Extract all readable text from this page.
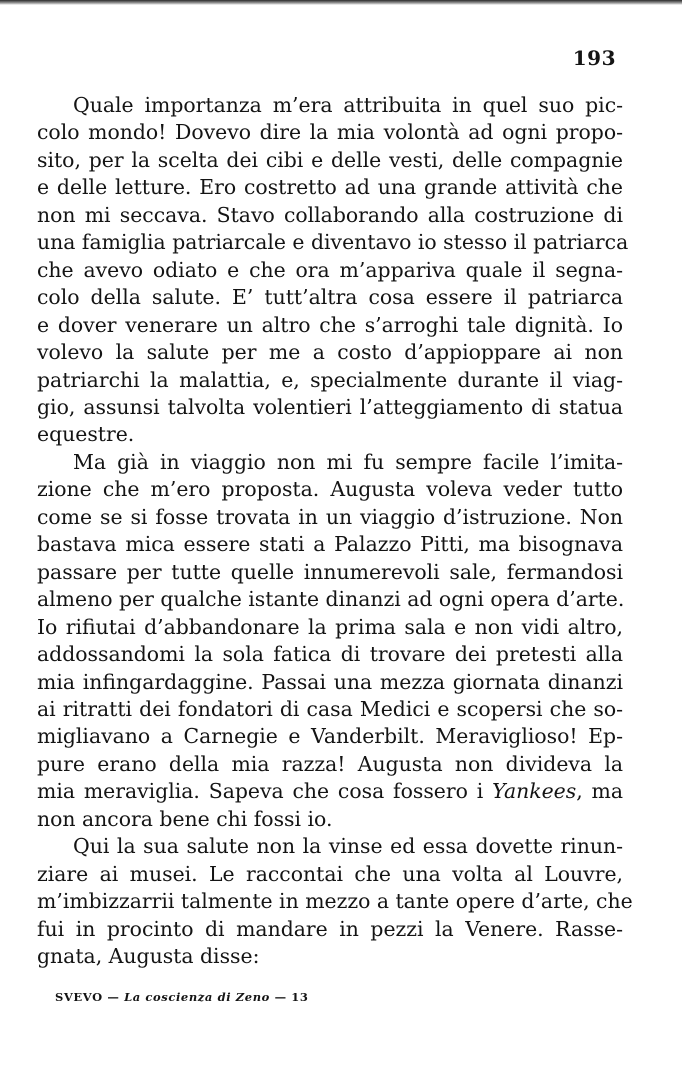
193
Quale importanza m’era attribuita in quel suo pic-
colo mondo! Dovevo dire la mia volontà ad ogni propo-
sito, per la scelta dei cibi e delle vesti, delle compagnie
e delle letture. Ero costretto ad una grande attività che
non mi seccava. Stavo collaborando alla costruzione di
una famiglia patriarcale e diventavo io stesso il patriarca
che avevo odiato e che ora m’appariva quale il segna-
colo della salute. E’ tutt’altra cosa essere il patriarca
e dover venerare un altro che s’arroghi tale dignità. Io
volevo la salute per me a costo d’appioppare ai non
patriarchi la malattia, e, specialmente durante il viag-
gio, assunsi talvolta volentieri l’atteggiamento di statua
equestre.
Ma già in viaggio non mi fu sempre facile l’imita-
zione che m’ero proposta. Augusta voleva veder tutto
come se si fosse trovata in un viaggio d’istruzione. Non
bastava mica essere stati a Palazzo Pitti, ma bisognava
passare per tutte quelle innumerevoli sale, fermandosi
almeno per qualche istante dinanzi ad ogni opera d’arte.
Io rifiutai d’abbandonare la prima sala e non vidi altro,
addossandomi la sola fatica di trovare dei pretesti alla
mia infingardaggine. Passai una mezza giornata dinanzi
ai ritratti dei fondatori di casa Medici e scopersi che so-
migliavano a Carnegie e Vanderbilt. Meraviglioso! Ep-
pure erano della mia razza! Augusta non divideva la
mia meraviglia. Sapeva che cosa fossero i Yankees, ma
non ancora bene chi fossi io.
Qui la sua salute non la vinse ed essa dovette rinun-
ziare ai musei. Le raccontai che una volta al Louvre,
m’imbizzarrii talmente in mezzo a tante opere d’arte, che
fui in procinto di mandare in pezzi la Venere. Rasse-
gnata, Augusta disse:
SVEVO — La coscienza di Zeno — 13
